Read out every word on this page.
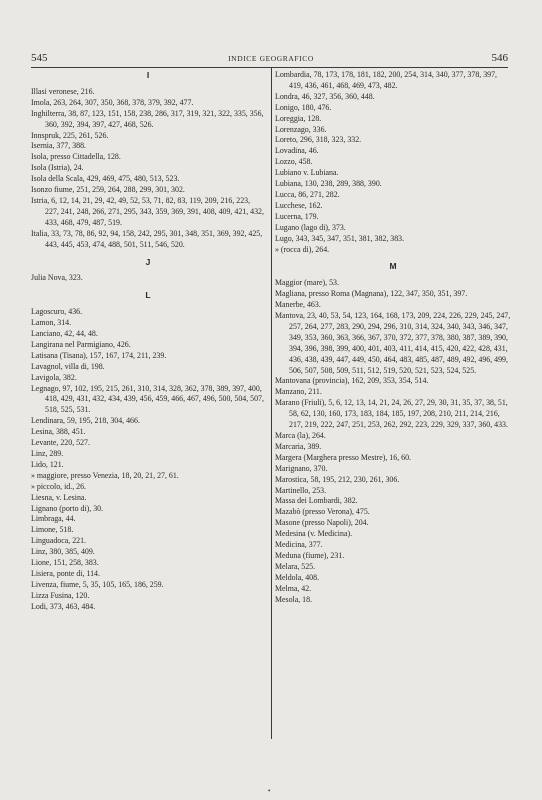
545	INDICE GEOGRAFICO	546
I
Illasi veronese, 216.
Imola, 263, 264, 307, 350, 368, 378, 379, 392, 477.
Inghilterra, 38, 87, 123, 151, 158, 238, 286, 317, 319, 321, 322, 335, 356, 360, 392, 394, 397, 427, 468, 526.
Innspruk, 225, 261, 526.
Isernia, 377, 388.
Isola, presso Cittadella, 128.
Isola (Istria), 24.
Isola della Scala, 429, 469, 475, 480, 513, 523.
Isonzo fiume, 251, 259, 264, 288, 299, 301, 302.
Istria, 6, 12, 14, 21, 29, 42, 49, 52, 53, 71, 82, 83, 119, 209, 216, 223, 227, 241, 248, 266, 271, 295, 343, 359, 369, 391, 408, 409, 421, 432, 433, 468, 479, 487, 519.
Italia, 33, 73, 78, 86, 92, 94, 158, 242, 295, 301, 348, 351, 369, 392, 425, 443, 445, 453, 474, 488, 501, 511, 546, 520.
J
Julia Nova, 323.
L
Lagoscuro, 436.
Lamon, 314.
Lanciano, 42, 44, 48.
Langirana nel Parmigiano, 426.
Latisana (Tisana), 157, 167, 174, 211, 239.
Lavagnol, villa di, 198.
Lavigola, 382.
Legnago, 97, 102, 195, 215, 261, 310, 314, 328, 362, 378, 389, 397, 400, 418, 429, 431, 432, 434, 439, 456, 459, 466, 467, 496, 500, 504, 507, 518, 525, 531.
Lendinara, 59, 195, 218, 304, 466.
Lesina, 388, 451.
Levante, 220, 527.
Linz, 289.
Lido, 121.
» maggiore, presso Venezia, 18, 20, 21, 27, 61.
» piccolo, id., 26.
Liesna, v. Lesina.
Lignano (porto di), 30.
Limbraga, 44.
Limone, 518.
Linguadoca, 221.
Linz, 380, 385, 409.
Lione, 151, 258, 383.
Lisiera, ponte di, 114.
Livenza, fiume, 5, 35, 105, 165, 186, 259.
Lizza Fusina, 120.
Lodi, 373, 463, 484.
Lombardia, 78, 173, 178, 181, 182, 200, 254, 314, 340, 377, 378, 397, 419, 436, 461, 468, 469, 473, 482.
Londra, 46, 327, 356, 360, 448.
Lonigo, 180, 476.
Loreggia, 128.
Lorenzago, 336.
Loreto, 296, 318, 323, 332.
Lovadina, 46.
Lozzo, 458.
Lubiano v. Lubiana.
Lubiana, 130, 238, 289, 388, 390.
Lucca, 86, 271, 282.
Lucchese, 162.
Lucerna, 179.
Lugano (lago di), 373.
Lugo, 343, 345, 347, 351, 381, 382, 383.
» (rocca di), 264.
M
Maggior (mare), 53.
Magliana, presso Roma (Magnana), 122, 347, 350, 351, 397.
Manerbe, 463.
Mantova, 23, 40, 53, 54, 123, 164, 168, 173, 209, 224, 226, 229, 245, 247, 257, 264, 277, 283, 290, 294, 296, 310, 314, 324, 340, 343, 346, 347, 349, 353, 360, 363, 366, 367, 370, 372, 377, 378, 380, 387, 389, 390, 394, 396, 398, 399, 400, 401, 403, 411, 414, 415, 420, 422, 428, 431, 436, 438, 439, 447, 449, 450, 464, 483, 485, 487, 489, 492, 496, 499, 506, 507, 508, 509, 511, 512, 519, 520, 521, 523, 524, 525.
Mantovana (provincia), 162, 209, 353, 354, 514.
Manzano, 211.
Marano (Friuli), 5, 6, 12, 13, 14, 21, 24, 26, 27, 29, 30, 31, 35, 37, 38, 51, 58, 62, 130, 160, 173, 183, 184, 185, 197, 208, 210, 211, 214, 216, 217, 219, 222, 247, 251, 253, 262, 292, 223, 229, 329, 337, 360, 433.
Marca (la), 264.
Marcaria, 389.
Margera (Marghera presso Mestre), 16, 60.
Marignano, 370.
Marostica, 58, 195, 212, 230, 261, 306.
Martinello, 253.
Massa dei Lombardi, 382.
Mazabò (presso Verona), 475.
Masone (presso Napoli), 204.
Medesina (v. Medicina).
Medicina, 377.
Meduna (fiume), 231.
Melara, 525.
Meldola, 408.
Melma, 42.
Mesola, 18.
•
